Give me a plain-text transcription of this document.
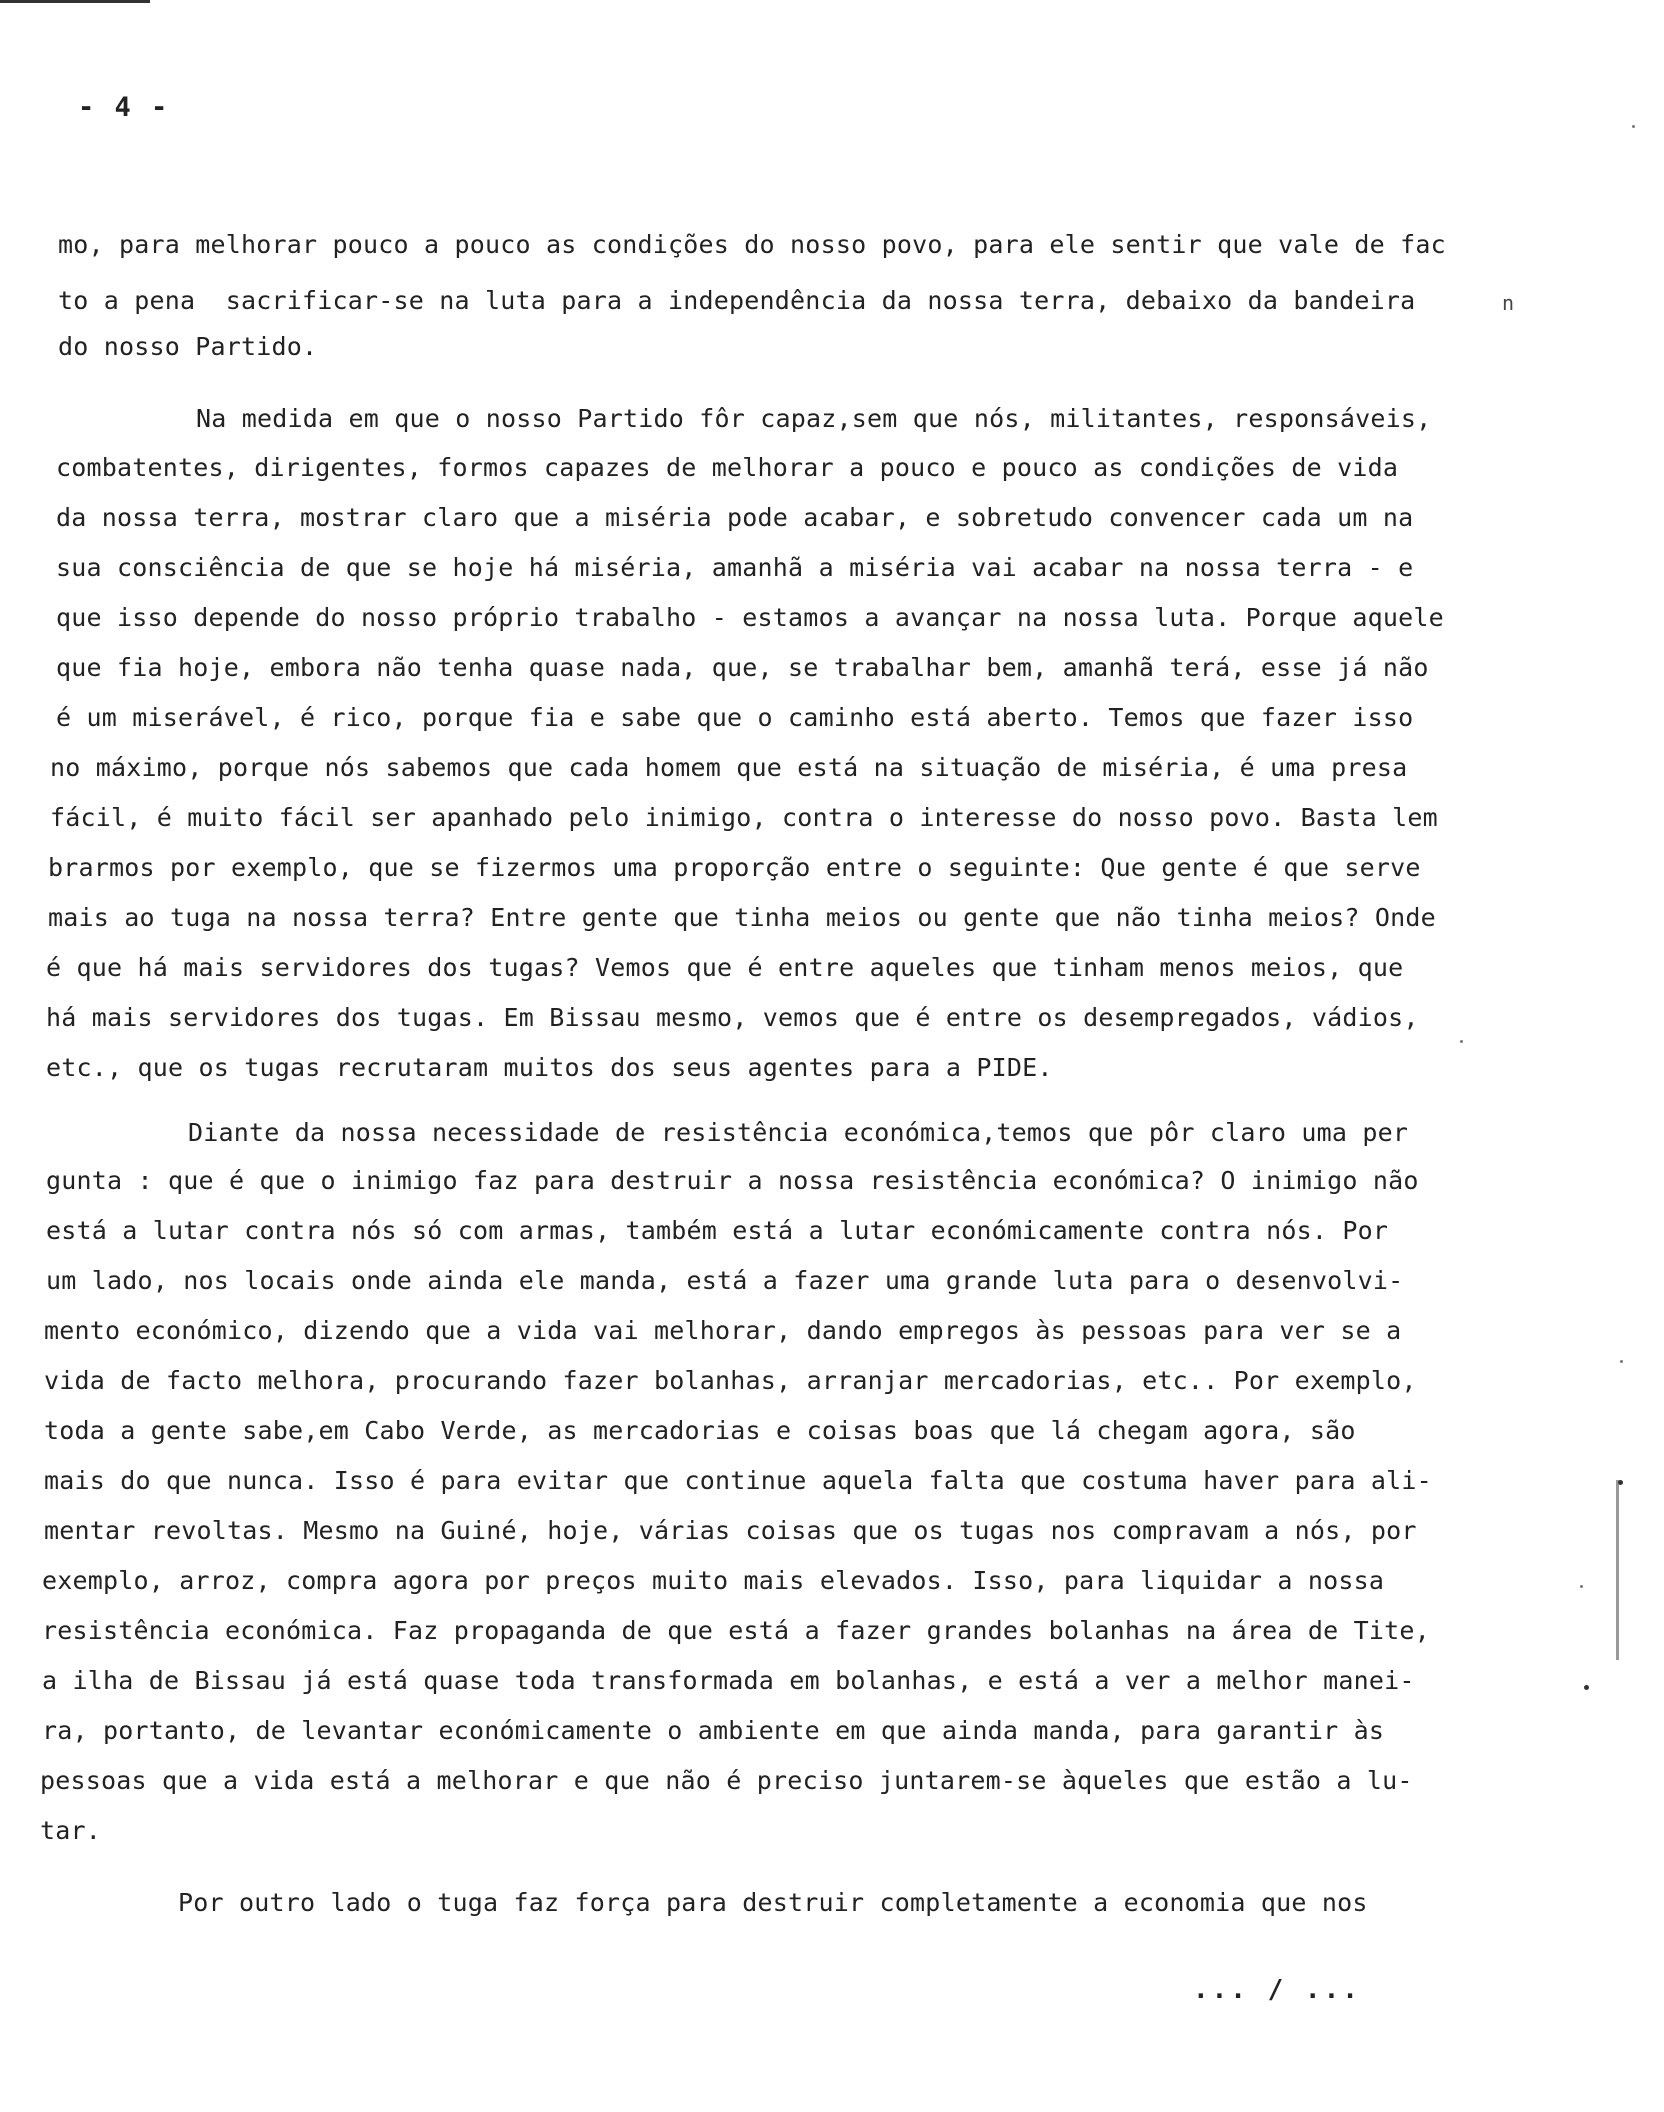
- 4 -
n
mo, para melhorar pouco a pouco as condições do nosso povo, para ele sentir que vale de fac
to a pena  sacrificar-se na luta para a independência da nossa terra, debaixo da bandeira
do nosso Partido.
Na medida em que o nosso Partido fôr capaz,sem que nós, militantes, responsáveis,
combatentes, dirigentes, formos capazes de melhorar a pouco e pouco as condições de vida
da nossa terra, mostrar claro que a miséria pode acabar, e sobretudo convencer cada um na
sua consciência de que se hoje há miséria, amanhã a miséria vai acabar na nossa terra - e
que isso depende do nosso próprio trabalho - estamos a avançar na nossa luta. Porque aquele
que fia hoje, embora não tenha quase nada, que, se trabalhar bem, amanhã terá, esse já não
é um miserável, é rico, porque fia e sabe que o caminho está aberto. Temos que fazer isso
no máximo, porque nós sabemos que cada homem que está na situação de miséria, é uma presa
fácil, é muito fácil ser apanhado pelo inimigo, contra o interesse do nosso povo. Basta lem
brarmos por exemplo, que se fizermos uma proporção entre o seguinte: Que gente é que serve
mais ao tuga na nossa terra? Entre gente que tinha meios ou gente que não tinha meios? Onde
é que há mais servidores dos tugas? Vemos que é entre aqueles que tinham menos meios, que
há mais servidores dos tugas. Em Bissau mesmo, vemos que é entre os desempregados, vádios,
etc., que os tugas recrutaram muitos dos seus agentes para a PIDE.
Diante da nossa necessidade de resistência económica,temos que pôr claro uma per
gunta : que é que o inimigo faz para destruir a nossa resistência económica? O inimigo não
está a lutar contra nós só com armas, também está a lutar económicamente contra nós. Por
um lado, nos locais onde ainda ele manda, está a fazer uma grande luta para o desenvolvi-
mento económico, dizendo que a vida vai melhorar, dando empregos às pessoas para ver se a
vida de facto melhora, procurando fazer bolanhas, arranjar mercadorias, etc.. Por exemplo,
toda a gente sabe,em Cabo Verde, as mercadorias e coisas boas que lá chegam agora, são
mais do que nunca. Isso é para evitar que continue aquela falta que costuma haver para ali-
mentar revoltas. Mesmo na Guiné, hoje, várias coisas que os tugas nos compravam a nós, por
exemplo, arroz, compra agora por preços muito mais elevados. Isso, para liquidar a nossa
resistência económica. Faz propaganda de que está a fazer grandes bolanhas na área de Tite,
a ilha de Bissau já está quase toda transformada em bolanhas, e está a ver a melhor manei-
ra, portanto, de levantar económicamente o ambiente em que ainda manda, para garantir às
pessoas que a vida está a melhorar e que não é preciso juntarem-se àqueles que estão a lu-
tar.
Por outro lado o tuga faz força para destruir completamente a economia que nos
... / ...
